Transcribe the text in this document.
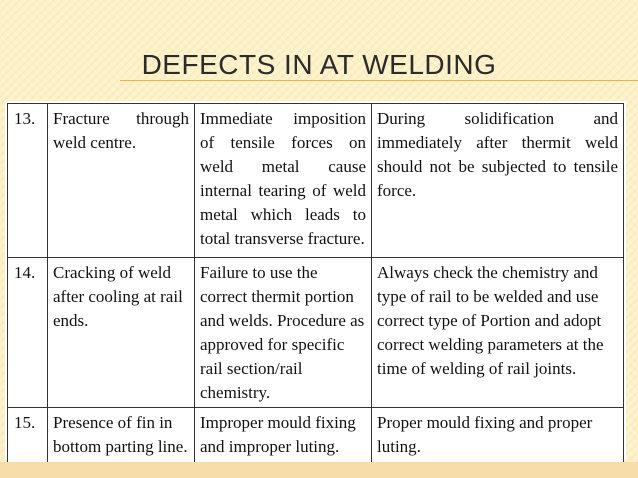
DEFECTS IN AT WELDING
13.	Fracture through weld centre.	Immediate imposition of tensile forces on weld metal cause internal tearing of weld metal which leads to total transverse fracture.	During solidification and immediately after thermit weld should not be subjected to tensile force.
14.	Cracking of weld after cooling at rail ends.	Failure to use the correct thermit portion and welds. Procedure as approved for specific rail section/rail chemistry.	Always check the chemistry and type of rail to be welded and use correct type of Portion and adopt correct welding parameters at the time of welding of rail joints.
15.	Presence of fin in bottom parting line.	Improper mould fixing and improper luting.	Proper mould fixing and proper luting.
